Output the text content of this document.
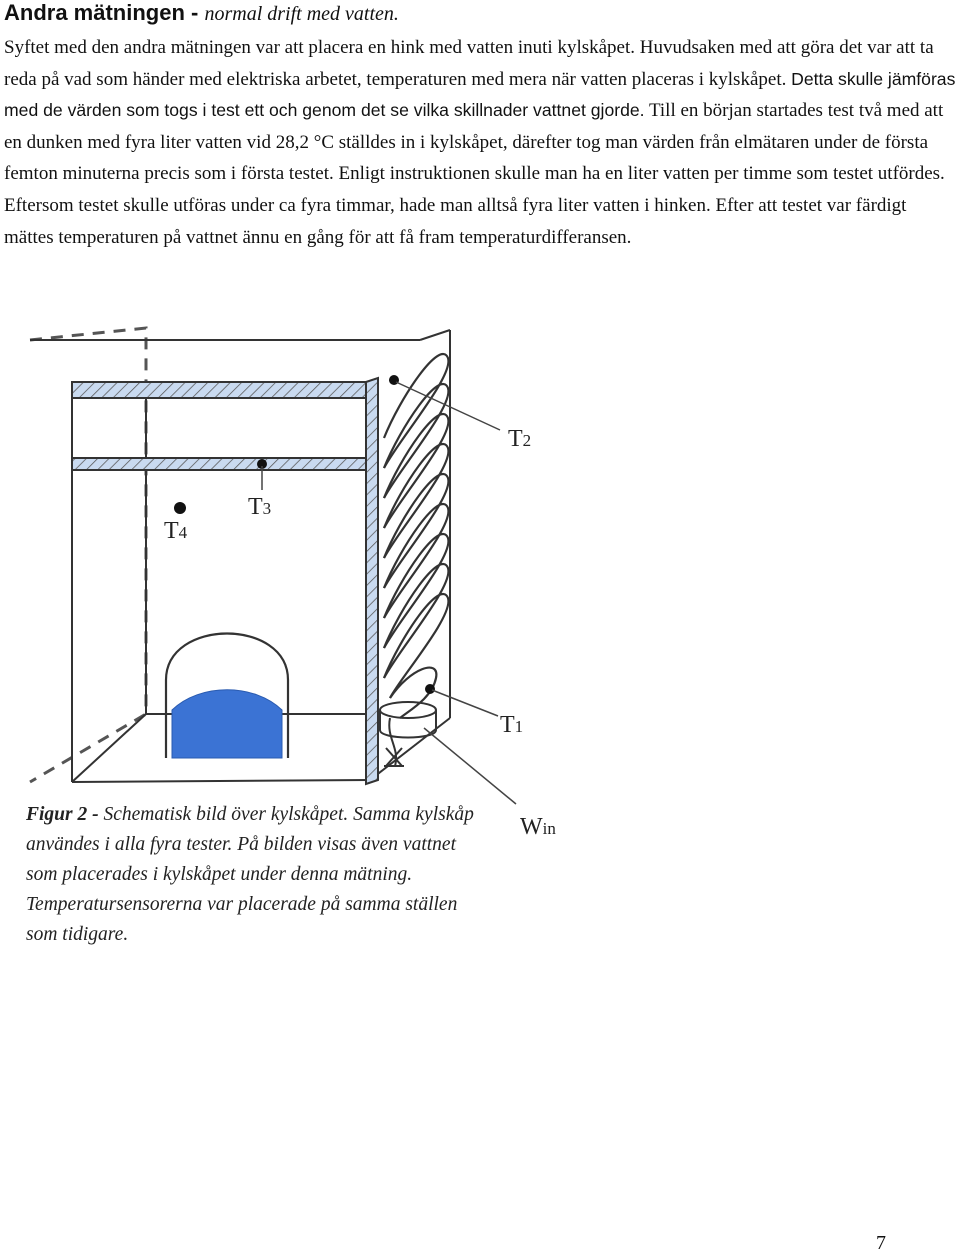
Andra mätningen - normal drift med vatten.

Syftet med den andra mätningen var att placera en hink med vatten inuti kylskåpet. Huvudsaken med att göra det var att ta reda på vad som händer med elektriska arbetet, temperaturen med mera när vatten placeras i kylskåpet. Detta skulle jämföras med de värden som togs i test ett och genom det se vilka skillnader vattnet gjorde. Till en början startades test två med att en dunken med fyra liter vatten vid 28,2 °C ställdes in i kylskåpet, därefter tog man värden från elmätaren under de första femton minuterna precis som i första testet. Enligt instruktionen skulle man ha en liter vatten per timme som testet utfördes. Eftersom testet skulle utföras under ca fyra timmar, hade man alltså fyra liter vatten i hinken. Efter att testet var färdigt mättes temperaturen på vattnet ännu en gång för att få fram temperaturdifferansen.

T2
T3
T4
T1
Win

Figur 2 - Schematisk bild över kylskåpet. Samma kylskåp användes i alla fyra tester. På bilden visas även vattnet som placerades i kylskåpet under denna mätning. Temperatursensorerna var placerade på samma ställen som tidigare.

7
